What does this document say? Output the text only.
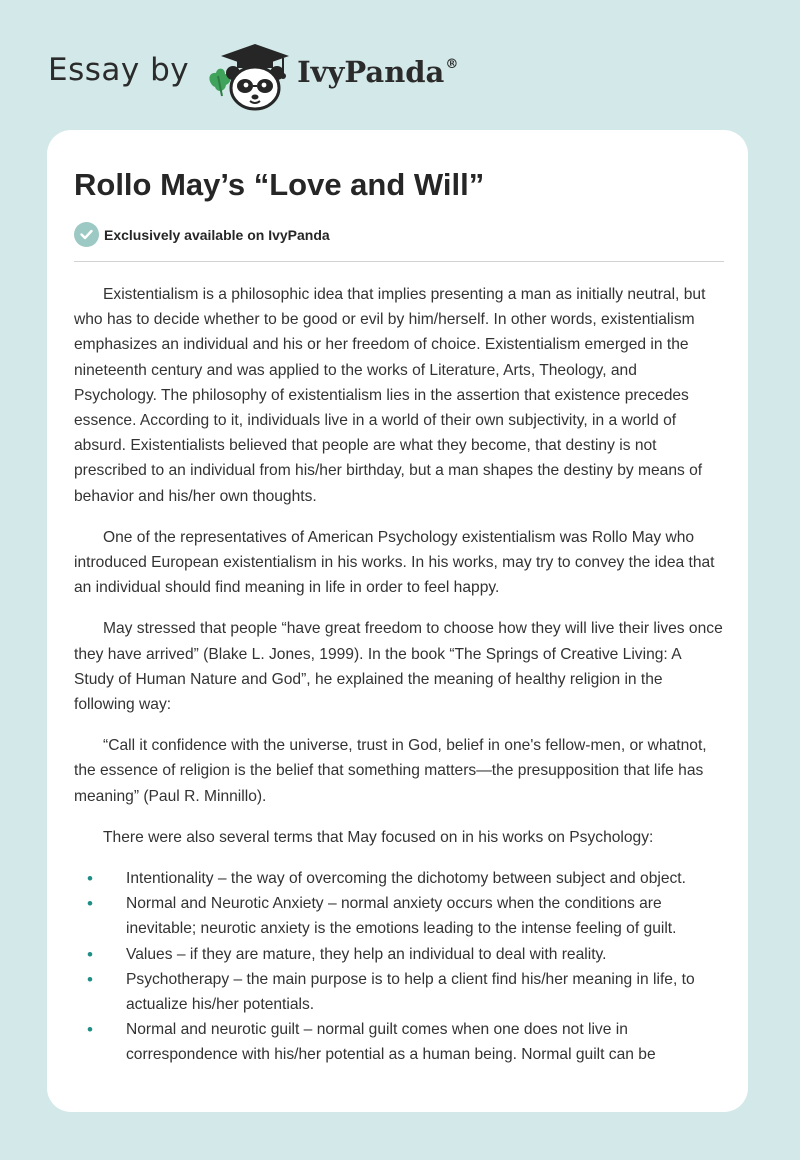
Essay by	IvyPanda®
Rollo May’s “Love and Will”
Exclusively available on IvyPanda

Existentialism is a philosophic idea that implies presenting a man as initially neutral, but who has to decide whether to be good or evil by him/herself. In other words, existentialism emphasizes an individual and his or her freedom of choice. Existentialism emerged in the nineteenth century and was applied to the works of Literature, Arts, Theology, and Psychology. The philosophy of existentialism lies in the assertion that existence precedes essence. According to it, individuals live in a world of their own subjectivity, in a world of absurd. Existentialists believed that people are what they become, that destiny is not prescribed to an individual from his/her birthday, but a man shapes the destiny by means of behavior and his/her own thoughts.

One of the representatives of American Psychology existentialism was Rollo May who introduced European existentialism in his works. In his works, may try to convey the idea that an individual should find meaning in life in order to feel happy.

May stressed that people “have great freedom to choose how they will live their lives once they have arrived” (Blake L. Jones, 1999). In the book “The Springs of Creative Living: A Study of Human Nature and God”, he explained the meaning of healthy religion in the following way:

“Call it confidence with the universe, trust in God, belief in one's fellow-men, or whatnot, the essence of religion is the belief that something matters—the presupposition that life has meaning” (Paul R. Minnillo).

There were also several terms that May focused on in his works on Psychology:

• Intentionality – the way of overcoming the dichotomy between subject and object.
• Normal and Neurotic Anxiety – normal anxiety occurs when the conditions are inevitable; neurotic anxiety is the emotions leading to the intense feeling of guilt.
• Values – if they are mature, they help an individual to deal with reality.
• Psychotherapy – the main purpose is to help a client find his/her meaning in life, to actualize his/her potentials.
• Normal and neurotic guilt – normal guilt comes when one does not live in correspondence with his/her potential as a human being. Normal guilt can be
